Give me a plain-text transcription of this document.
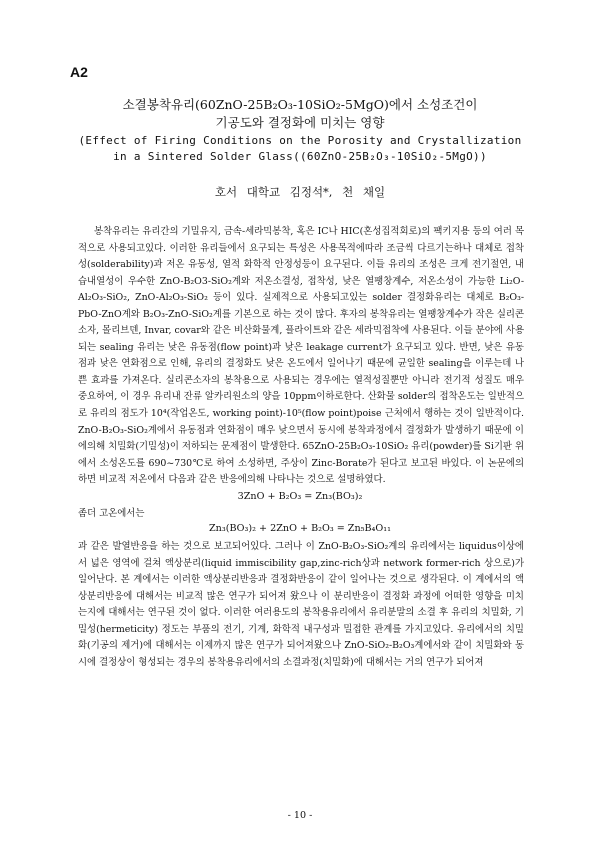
A2
소결봉착유리(60ZnO-25B₂O₃-10SiO₂-5MgO)에서 소성조건이
기공도와 결정화에 미치는 영향
(Effect of Firing Conditions on the Porosity and Crystallization
in a Sintered Solder Glass((60ZnO-25B₂O₃-10SiO₂-5MgO))
호서 대학교 김정석*, 천 채일
봉착유리는 유리간의 기밀유지, 금속-세라믹봉착, 혹은 IC나 HIC(혼성집적회로)의 팩키지용 등의 여러 목적으로 사용되고있다. 이러한 유리들에서 요구되는 특성은 사용목적에따라 조금씩 다르기는하나 대체로 접착성(solderability)과 저온 유동성, 열적 화학적 안정성등이 요구된다. 이들 유리의 조성은 크게 전기절연, 내습내열성이 우수한 ZnO-B₂O3-SiO₂계와 저온소결성, 접착성, 낮은 열팽창계수, 저온소성이 가능한 Li₂O-Al₂O₃-SiO₂, ZnO-Al₂O₃-SiO₂ 등이 있다. 실제적으로 사용되고있는 solder 결정화유리는 대체로 B₂O₃-PbO-ZnO계와 B₂O₃-ZnO-SiO₂계를 기본으로 하는 것이 많다. 후자의 봉착유리는 열팽창계수가 작은 실리콘소자, 몰리브덴, Invar, covar와 같은 비산화물계, 플라이트와 같은 세라믹접착에 사용된다. 이들 분야에 사용되는 sealing 유리는 낮은 유동점(flow point)과 낮은 leakage current가 요구되고 있다. 반면, 낮은 유동점과 낮은 연화점으로 인해, 유리의 결정화도 낮은 온도에서 일어나기 때문에 균일한 sealing을 이루는데 나쁜 효과를 가져온다. 실리콘소자의 봉착용으로 사용되는 경우에는 열적성질뿐만 아니라 전기적 성질도 매우 중요하여, 이 경우 유리내 잔류 알카리원소의 양을 10ppm이하로한다. 산화물 solder의 접착온도는 일반적으로 유리의 점도가 10⁴(작업온도, working point)-10⁵(flow point)poise 근처에서 행하는 것이 일반적이다. ZnO-B₂O₃-SiO₂계에서 유동점과 연화점이 매우 낮으면서 동시에 봉착과정에서 결정화가 발생하기 때문에 이에의해 치밀화(기밀성)이 저하되는 문제점이 발생한다. 65ZnO-25B₂O₃-10SiO₂ 유리(powder)를 Si기판 위에서 소성온도를 690~730℃로 하여 소성하면, 주상이 Zinc-Borate가 된다고 보고된 바있다. 이 논문에의하면 비교적 저온에서 다음과 같은 반응에의해 나타나는 것으로 설명하였다.
3ZnO + B₂O₃ = Zn₃(BO₃)₂
좀더 고온에서는
Zn₃(BO₃)₂ + 2ZnO + B₂O₃ = Zn₅B₄O₁₁
과 같은 발열반응을 하는 것으로 보고되어있다. 그러나 이 ZnO-B₂O₃-SiO₂계의 유리에서는 liquidus이상에서 넓은 영역에 걸쳐 액상분리(liquid immiscibility gap,zinc-rich상과 network former-rich 상으로)가 일어난다. 본 계에서는 이러한 액상분리반응과 결정화반응이 같이 일어나는 것으로 생각된다. 이 계에서의 액상분리반응에 대해서는 비교적 많은 연구가 되어져 왔으나 이 분리반응이 결정화 과정에 어떠한 영향을 미치는지에 대해서는 연구된 것이 없다. 이러한 여러용도의 봉착용유리에서 유리분말의 소결 후 유리의 치밀화, 기밀성(hermeticity) 정도는 부품의 전기, 기계, 화학적 내구성과 밀접한 관계를 가지고있다. 유리에서의 치밀화(기공의 제거)에 대해서는 이제까지 많은 연구가 되어져왔으나 ZnO-SiO₂-B₂O₃계에서와 같이 치밀화와 동시에 결정상이 형성되는 경우의 봉착용유리에서의 소결과정(치밀화)에 대해서는 거의 연구가 되어져
- 10 -
